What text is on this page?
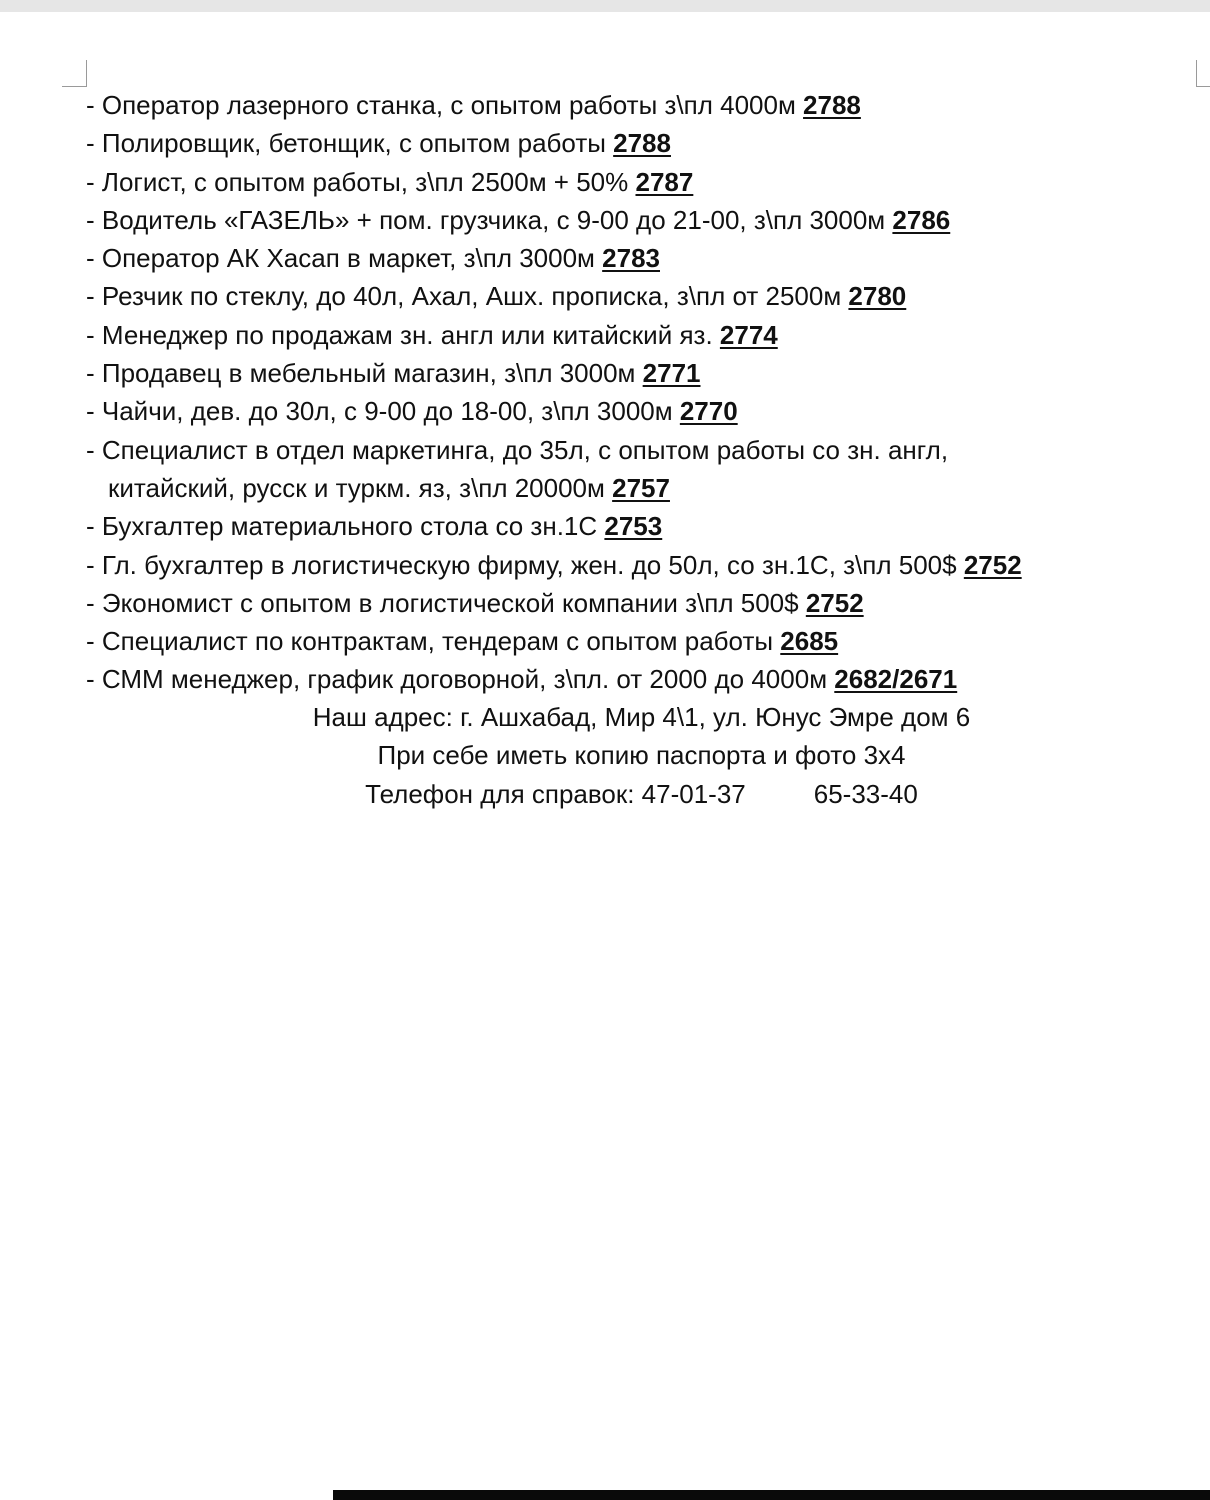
- Оператор лазерного станка, с опытом работы з\пл 4000м 2788
- Полировщик, бетонщик, с опытом работы 2788
- Логист, с опытом работы, з\пл 2500м + 50% 2787
- Водитель «ГАЗЕЛЬ» + пом. грузчика, с 9-00 до 21-00, з\пл 3000м 2786
- Оператор АК Хасап в маркет, з\пл 3000м 2783
- Резчик по стеклу, до 40л, Ахал, Ашх. прописка, з\пл от 2500м 2780
- Менеджер по продажам зн. англ или китайский яз. 2774
- Продавец в мебельный магазин, з\пл 3000м 2771
- Чайчи, дев. до 30л, с 9-00 до 18-00, з\пл 3000м 2770
- Специалист в отдел маркетинга, до 35л, с опытом работы со зн. англ,
китайский, русск и туркм. яз, з\пл 20000м 2757
- Бухгалтер материального стола со зн.1С 2753
- Гл. бухгалтер в логистическую фирму, жен. до 50л, со зн.1С, з\пл 500$ 2752
- Экономист с опытом в логистической компании з\пл 500$ 2752
- Специалист по контрактам, тендерам с опытом работы 2685
- СММ менеджер, график договорной, з\пл. от 2000 до 4000м 2682/2671
Наш адрес: г. Ашхабад, Мир 4\1, ул. Юнус Эмре дом 6
При себе иметь копию паспорта и фото 3х4
Телефон для справок: 47-01-37	65-33-40
